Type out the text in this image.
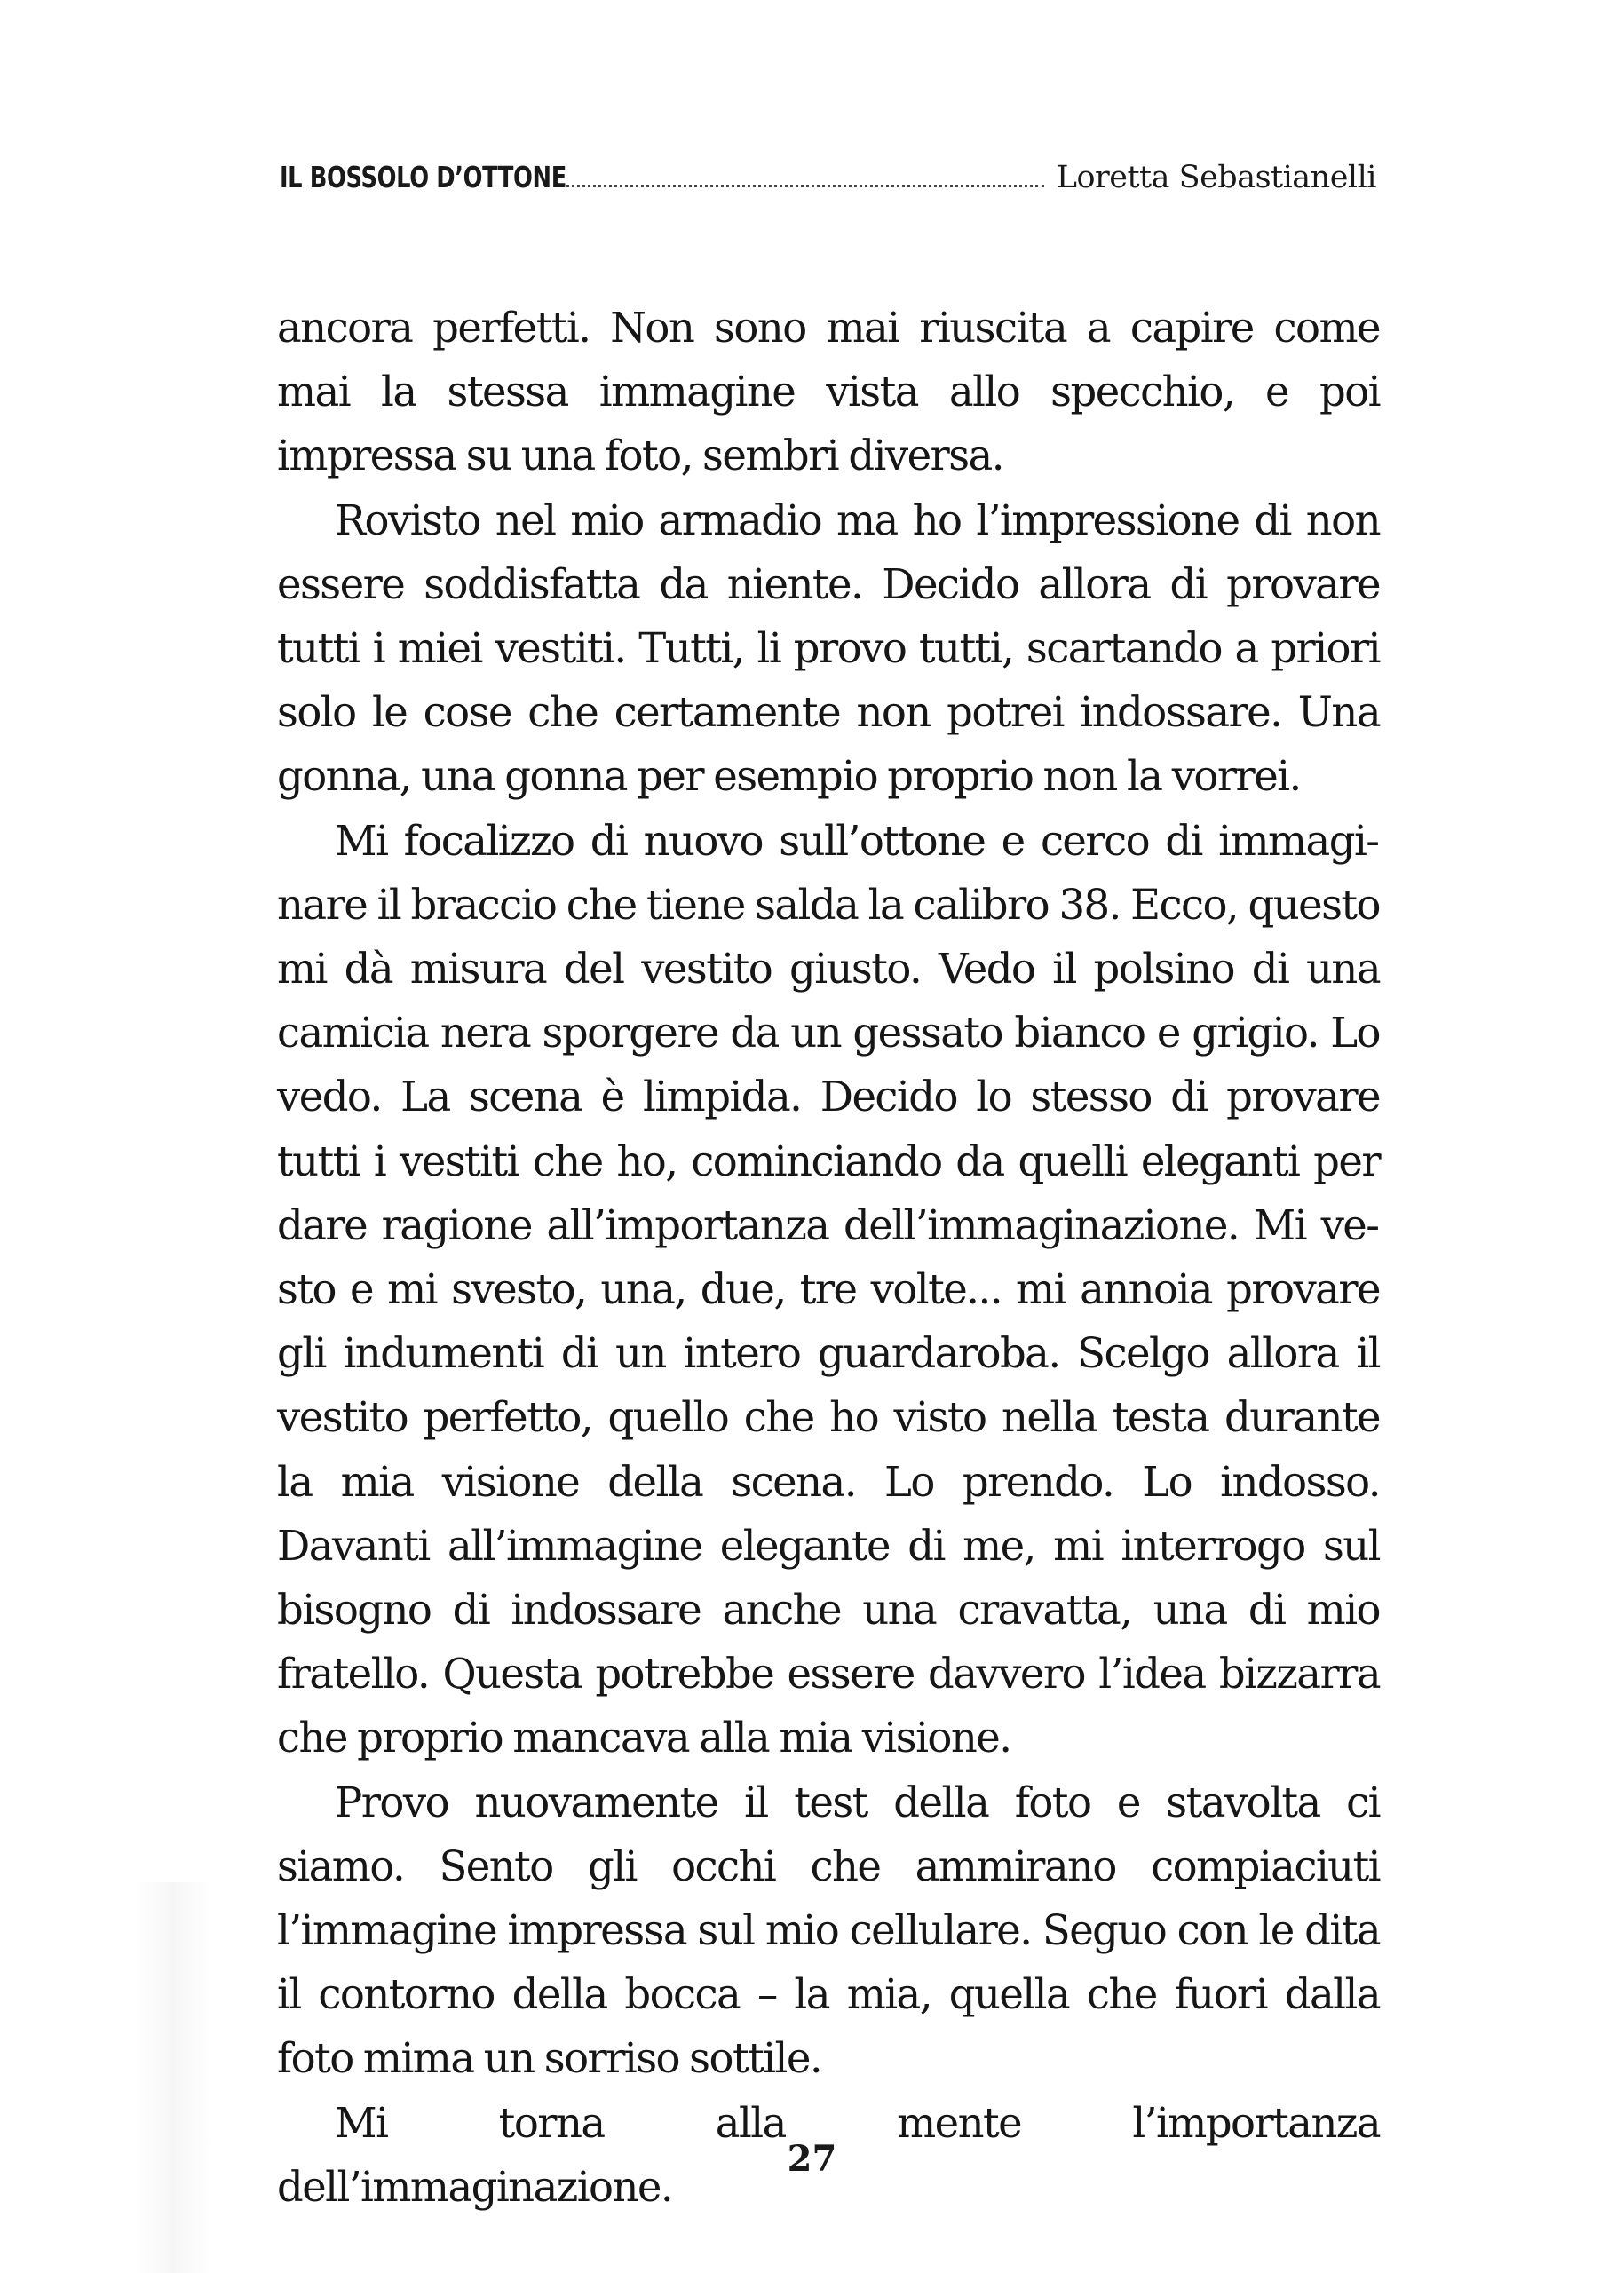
IL BOSSOLO D’OTTONE	Loretta Sebastianelli

ancora perfetti. Non sono mai riuscita a capire come mai la stessa immagine vista allo specchio, e poi impressa su una foto, sembri diversa.

Rovisto nel mio armadio ma ho l’impressione di non essere soddisfatta da niente. Decido allora di provare tutti i miei vestiti. Tutti, li provo tutti, scartando a priori solo le cose che certamente non potrei indossare. Una gonna, una gonna per esempio proprio non la vorrei.

Mi focalizzo di nuovo sull’ottone e cerco di immaginare il braccio che tiene salda la calibro 38. Ecco, questo mi dà misura del vestito giusto. Vedo il polsino di una camicia nera sporgere da un gessato bianco e grigio. Lo vedo. La scena è limpida. Decido lo stesso di provare tutti i vestiti che ho, cominciando da quelli eleganti per dare ragione all’importanza dell’immaginazione. Mi vesto e mi svesto, una, due, tre volte... mi annoia provare gli indumenti di un intero guardaroba. Scelgo allora il vestito perfetto, quello che ho visto nella testa durante la mia visione della scena. Lo prendo. Lo indosso. Davanti all’immagine elegante di me, mi interrogo sul bisogno di indossare anche una cravatta, una di mio fratello. Questa potrebbe essere davvero l’idea bizzarra che proprio mancava alla mia visione.

Provo nuovamente il test della foto e stavolta ci siamo. Sento gli occhi che ammirano compiaciuti l’immagine impressa sul mio cellulare. Seguo con le dita il contorno della bocca – la mia, quella che fuori dalla foto mima un sorriso sottile.

Mi torna alla mente l’importanza dell’immaginazione.

27
